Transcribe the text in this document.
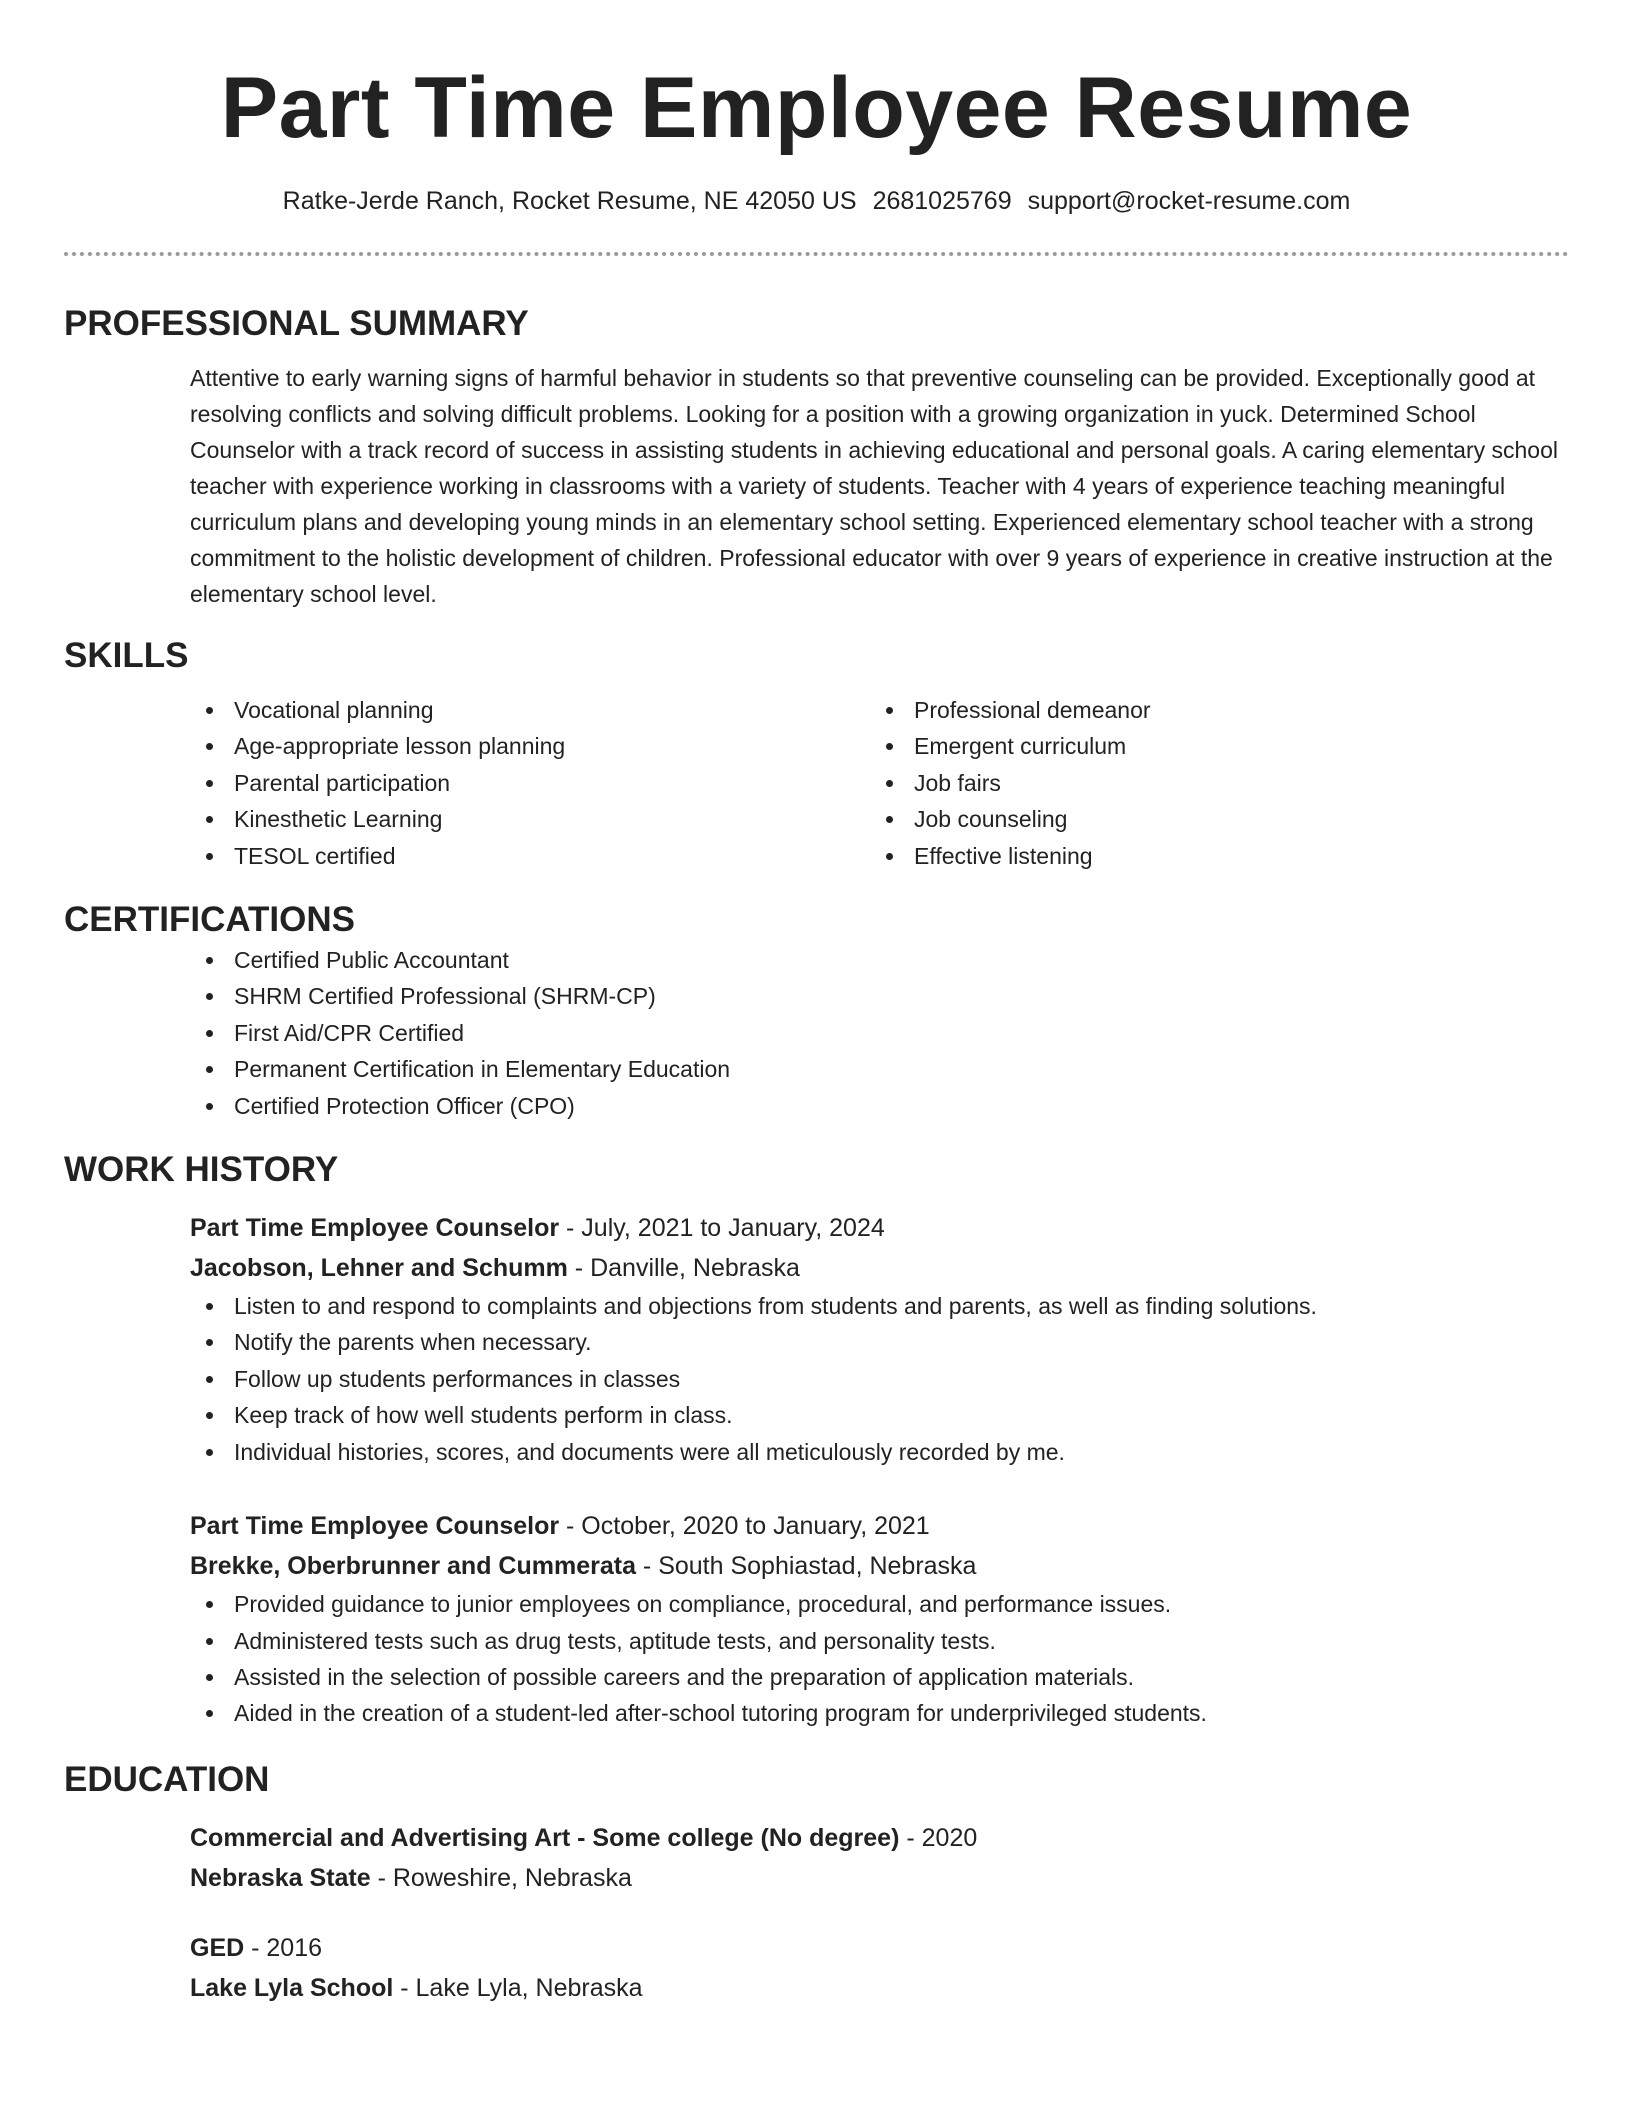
Part Time Employee Resume
Ratke-Jerde Ranch, Rocket Resume, NE 42050 US 2681025769 support@rocket-resume.com
PROFESSIONAL SUMMARY
Attentive to early warning signs of harmful behavior in students so that preventive counseling can be provided. Exceptionally good at resolving conflicts and solving difficult problems. Looking for a position with a growing organization in yuck. Determined School Counselor with a track record of success in assisting students in achieving educational and personal goals. A caring elementary school teacher with experience working in classrooms with a variety of students. Teacher with 4 years of experience teaching meaningful curriculum plans and developing young minds in an elementary school setting. Experienced elementary school teacher with a strong commitment to the holistic development of children. Professional educator with over 9 years of experience in creative instruction at the elementary school level.
SKILLS
Vocational planning
Age-appropriate lesson planning
Parental participation
Kinesthetic Learning
TESOL certified
Professional demeanor
Emergent curriculum
Job fairs
Job counseling
Effective listening
CERTIFICATIONS
Certified Public Accountant
SHRM Certified Professional (SHRM-CP)
First Aid/CPR Certified
Permanent Certification in Elementary Education
Certified Protection Officer (CPO)
WORK HISTORY
Part Time Employee Counselor - July, 2021 to January, 2024
Jacobson, Lehner and Schumm - Danville, Nebraska
Listen to and respond to complaints and objections from students and parents, as well as finding solutions.
Notify the parents when necessary.
Follow up students performances in classes
Keep track of how well students perform in class.
Individual histories, scores, and documents were all meticulously recorded by me.
Part Time Employee Counselor - October, 2020 to January, 2021
Brekke, Oberbrunner and Cummerata - South Sophiastad, Nebraska
Provided guidance to junior employees on compliance, procedural, and performance issues.
Administered tests such as drug tests, aptitude tests, and personality tests.
Assisted in the selection of possible careers and the preparation of application materials.
Aided in the creation of a student-led after-school tutoring program for underprivileged students.
EDUCATION
Commercial and Advertising Art - Some college (No degree) - 2020
Nebraska State - Roweshire, Nebraska
GED - 2016
Lake Lyla School - Lake Lyla, Nebraska
